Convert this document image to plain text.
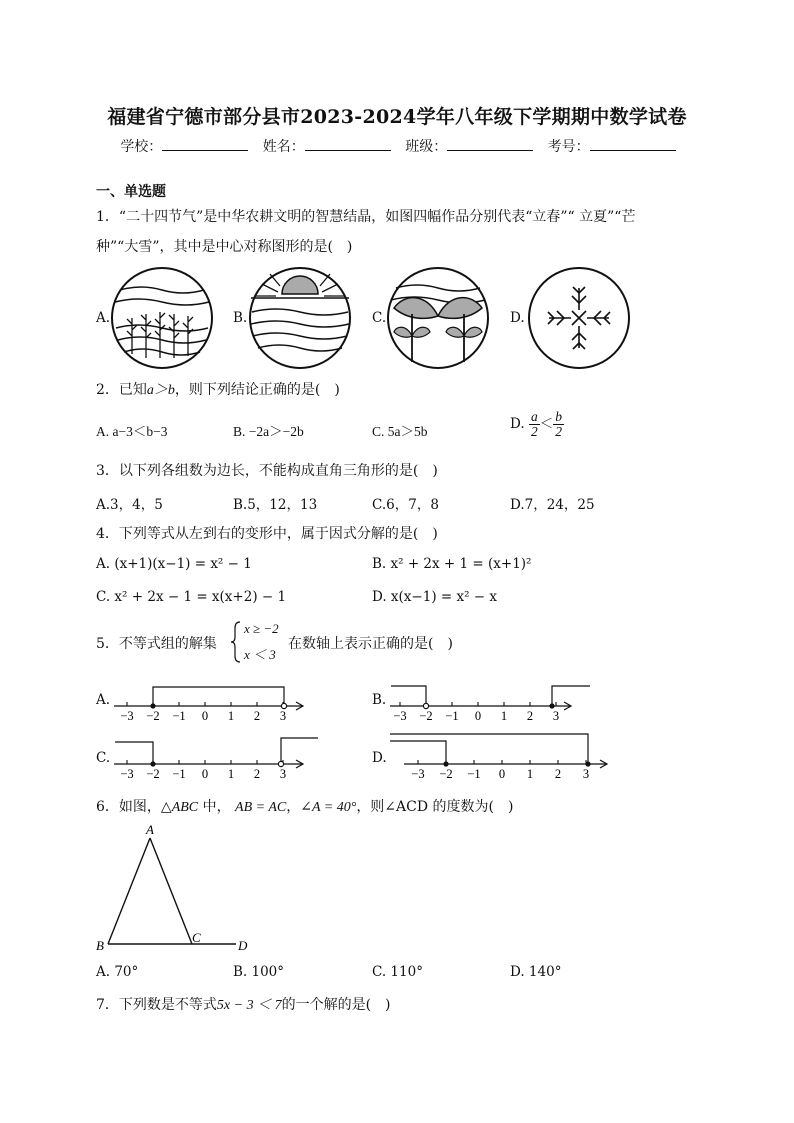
福建省宁德市部分县市2023-2024学年八年级下学期期中数学试卷
学校：	姓名：	班级：	考号：
一、单选题
1．“二十四节气”是中华农耕文明的智慧结晶，如图四幅作品分别代表“立春”“ 立夏”“芒
种”“大雪”，其中是中心对称图形的是(　)
A.	B.	C.	D.
2．已知a＞b，则下列结论正确的是(　)
A. a−3＜b−3	B. −2a＞−2b	C. 5a＞5b	D. $\frac{a}{2} < \frac{b}{2}$
3．以下列各组数为边长，不能构成直角三角形的是(　)
A.3，4，5	B.5，12，13	C.6，7，8	D.7，24，25
4．下列等式从左到右的变形中，属于因式分解的是(　)
A. (x+1)(x−1) = x² − 1	B. x² + 2x + 1 = (x+1)²
C. x² + 2x − 1 = x(x+2) − 1	D. x(x−1) = x² − x
5．不等式组的解集
x ≥ −2
x ＜ 3
在数轴上表示正确的是(　)
A.	B.
C.	D.
−3 −2 −1 0 1 2 3	−3 −2 −1 0 1 2 3
−3 −2 −1 0 1 2 3	−3 −2 −1 0 1 2 3
6．如图，△ABC 中， AB = AC，∠A = 40°，则∠ACD 的度数为(　)
A
B
C
D
A. 70°	B. 100°	C. 110°	D. 140°
7．下列数是不等式5x − 3 ＜ 7的一个解的是(　)
